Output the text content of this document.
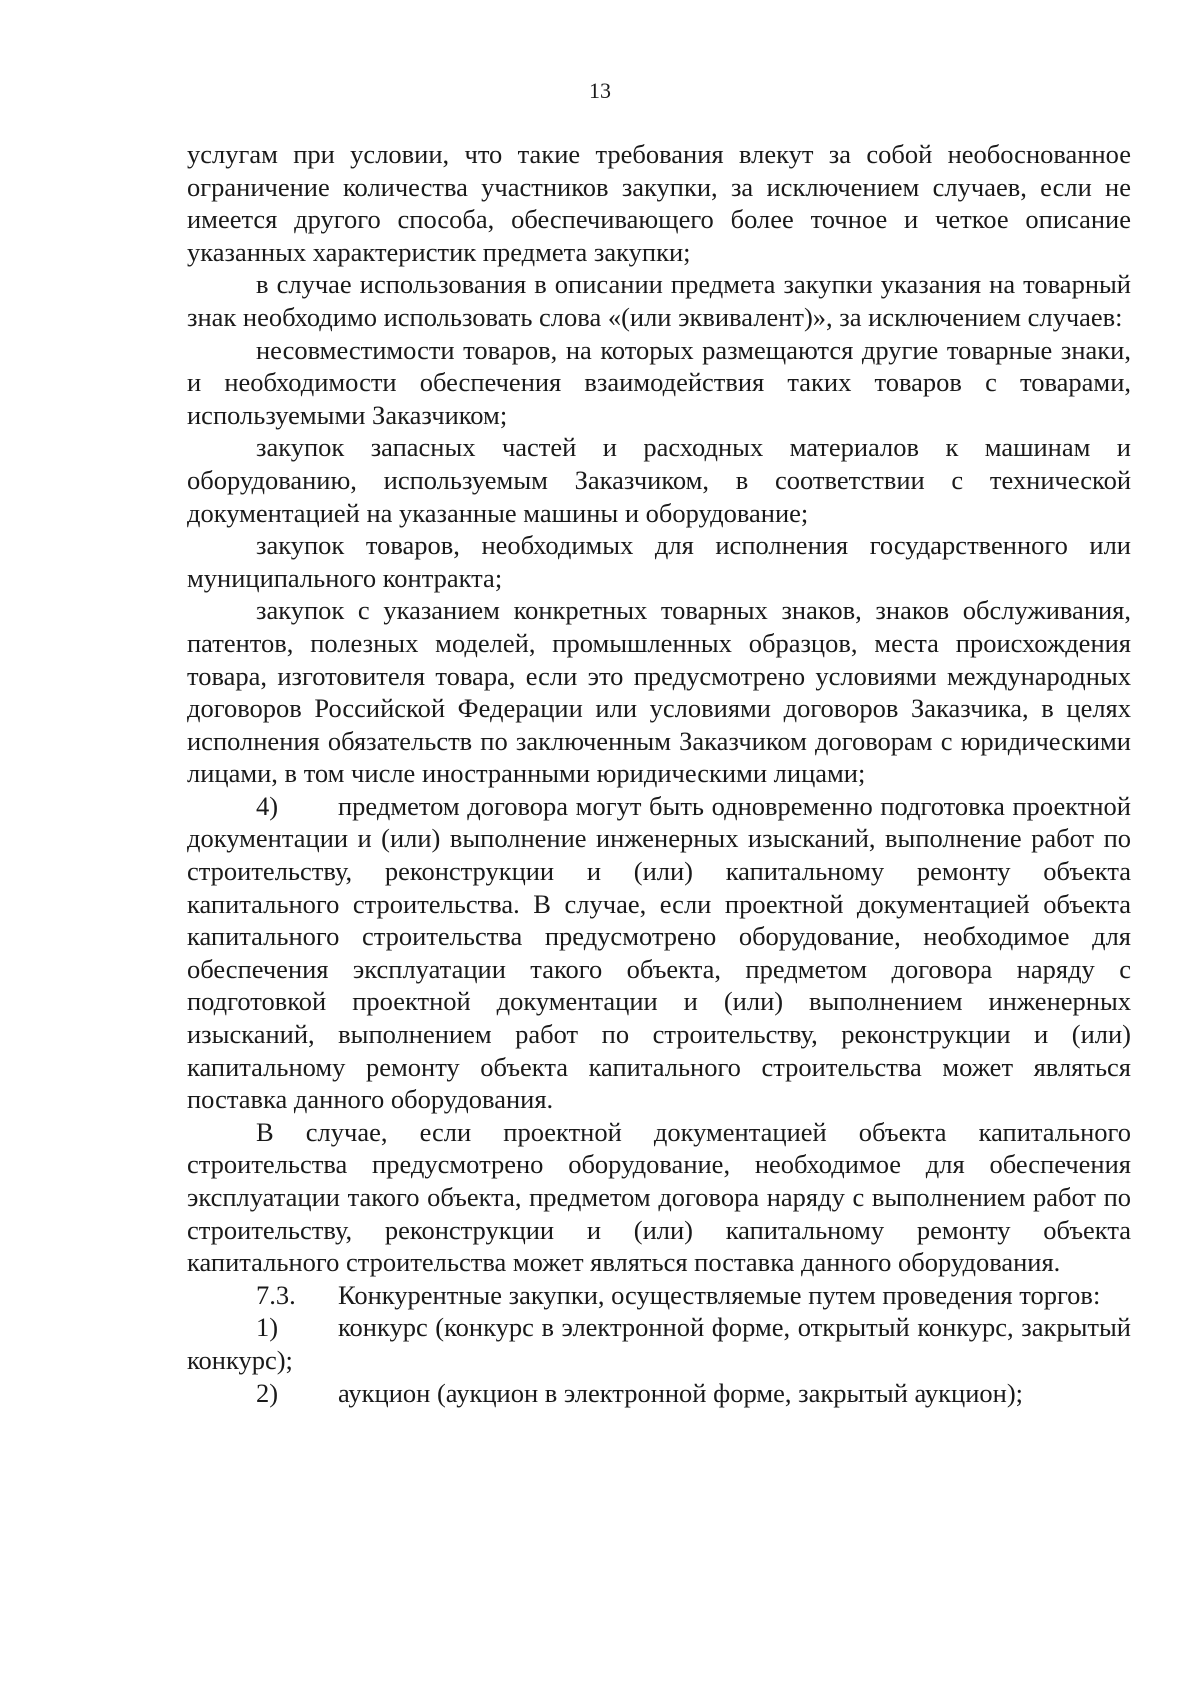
13

услугам при условии, что такие требования влекут за собой необоснованное ограничение количества участников закупки, за исключением случаев, если не имеется другого способа, обеспечивающего более точное и четкое описание указанных характеристик предмета закупки;

в случае использования в описании предмета закупки указания на товарный знак необходимо использовать слова «(или эквивалент)», за исключением случаев:

несовместимости товаров, на которых размещаются другие товарные знаки, и необходимости обеспечения взаимодействия таких товаров с товарами, используемыми Заказчиком;

закупок запасных частей и расходных материалов к машинам и оборудованию, используемым Заказчиком, в соответствии с технической документацией на указанные машины и оборудование;

закупок товаров, необходимых для исполнения государственного или муниципального контракта;

закупок с указанием конкретных товарных знаков, знаков обслуживания, патентов, полезных моделей, промышленных образцов, места происхождения товара, изготовителя товара, если это предусмотрено условиями международных договоров Российской Федерации или условиями договоров Заказчика, в целях исполнения обязательств по заключенным Заказчиком договорам с юридическими лицами, в том числе иностранными юридическими лицами;

4) предметом договора могут быть одновременно подготовка проектной документации и (или) выполнение инженерных изысканий, выполнение работ по строительству, реконструкции и (или) капитальному ремонту объекта капитального строительства. В случае, если проектной документацией объекта капитального строительства предусмотрено оборудование, необходимое для обеспечения эксплуатации такого объекта, предметом договора наряду с подготовкой проектной документации и (или) выполнением инженерных изысканий, выполнением работ по строительству, реконструкции и (или) капитальному ремонту объекта капитального строительства может являться поставка данного оборудования.

В случае, если проектной документацией объекта капитального строительства предусмотрено оборудование, необходимое для обеспечения эксплуатации такого объекта, предметом договора наряду с выполнением работ по строительству, реконструкции и (или) капитальному ремонту объекта капитального строительства может являться поставка данного оборудования.

7.3. Конкурентные закупки, осуществляемые путем проведения торгов:

1) конкурс (конкурс в электронной форме, открытый конкурс, закрытый конкурс);

2) аукцион (аукцион в электронной форме, закрытый аукцион);
